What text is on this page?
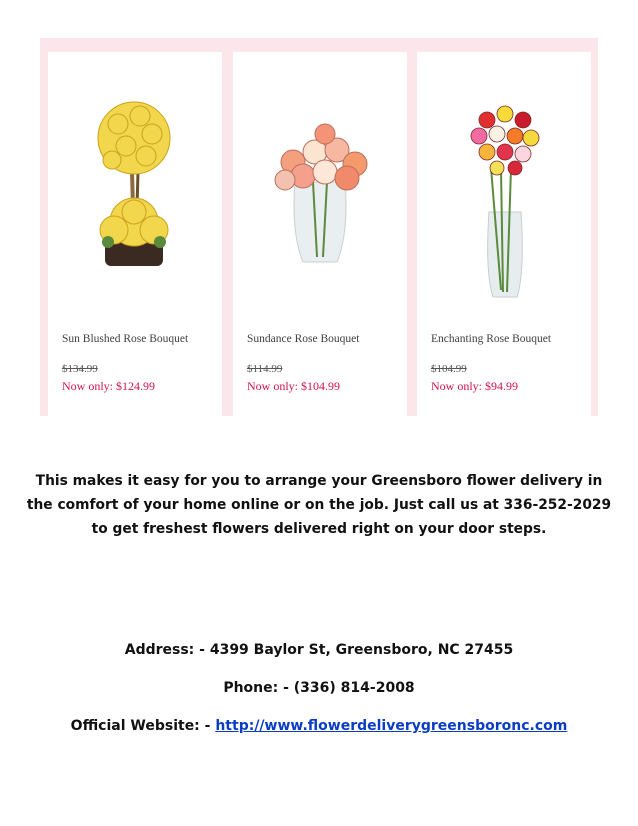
Sun Blushed Rose Bouquet
$134.99
Now only: $124.99
Sundance Rose Bouquet
$114.99
Now only: $104.99
Enchanting Rose Bouquet
$104.99
Now only: $94.99

This makes it easy for you to arrange your Greensboro flower delivery in the comfort of your home online or on the job. Just call us at 336-252-2029 to get freshest flowers delivered right on your door steps.

Address: - 4399 Baylor St, Greensboro, NC 27455
Phone: - (336) 814-2008
Official Website: - http://www.flowerdeliverygreensboronc.com
